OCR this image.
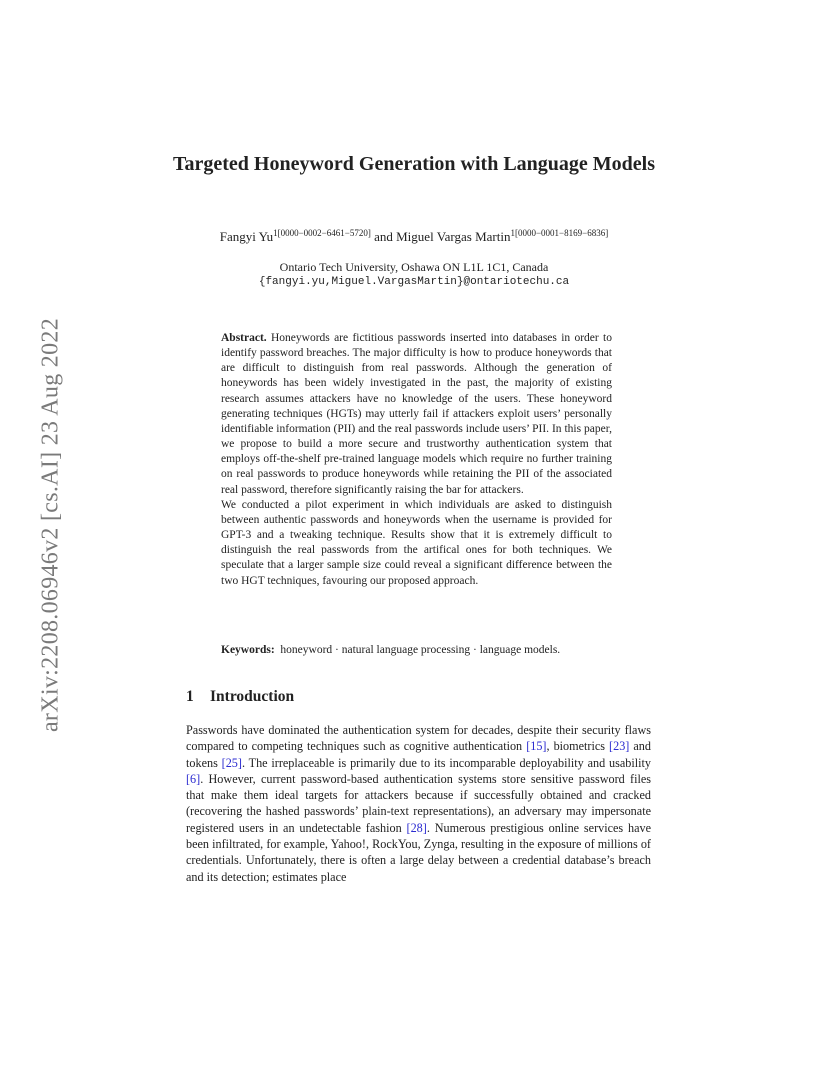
arXiv:2208.06946v2 [cs.AI] 23 Aug 2022
Targeted Honeyword Generation with Language Models
Fangyi $Yu^{1[0000-0002-6461-5720]}$ and Miguel Vargas Martin$^{1[0000-0001-8169-6836]}$
Ontario Tech University, Oshawa ON L1L 1C1, Canada
{fangyi.yu,Miguel.VargasMartin}@ontariotechu.ca

Abstract. Honeywords are fictitious passwords inserted into databases in order to identify password breaches. The major difficulty is how to produce honeywords that are difficult to distinguish from real passwords. Although the generation of honeywords has been widely investigated in the past, the majority of existing research assumes attackers have no knowledge of the users. These honeyword generating techniques (HGTs) may utterly fail if attackers exploit users’ personally identifiable information (PII) and the real passwords include users’ PII. In this paper, we propose to build a more secure and trustworthy authentication system that employs off-the-shelf pre-trained language models which require no further training on real passwords to produce honeywords while retaining the PII of the associated real password, therefore significantly raising the bar for attackers.

We conducted a pilot experiment in which individuals are asked to distinguish between authentic passwords and honeywords when the username is provided for GPT-3 and a tweaking technique. Results show that it is extremely difficult to distinguish the real passwords from the artifical ones for both techniques. We speculate that a larger sample size could reveal a significant difference between the two HGT techniques, favouring our proposed approach.

Keywords:  honeyword · natural language processing · language models.
1 Introduction

Passwords have dominated the authentication system for decades, despite their security flaws compared to competing techniques such as cognitive authentication [15], biometrics [23] and tokens [25]. The irreplaceable is primarily due to its incomparable deployability and usability [6]. However, current password-based authentication systems store sensitive password files that make them ideal targets for attackers because if successfully obtained and cracked (recovering the hashed passwords’ plain-text representations), an adversary may impersonate registered users in an undetectable fashion [28]. Numerous prestigious online services have been infiltrated, for example, Yahoo!, RockYou, Zynga, resulting in the exposure of millions of credentials. Unfortunately, there is often a large delay between a credential database’s breach and its detection; estimates place
